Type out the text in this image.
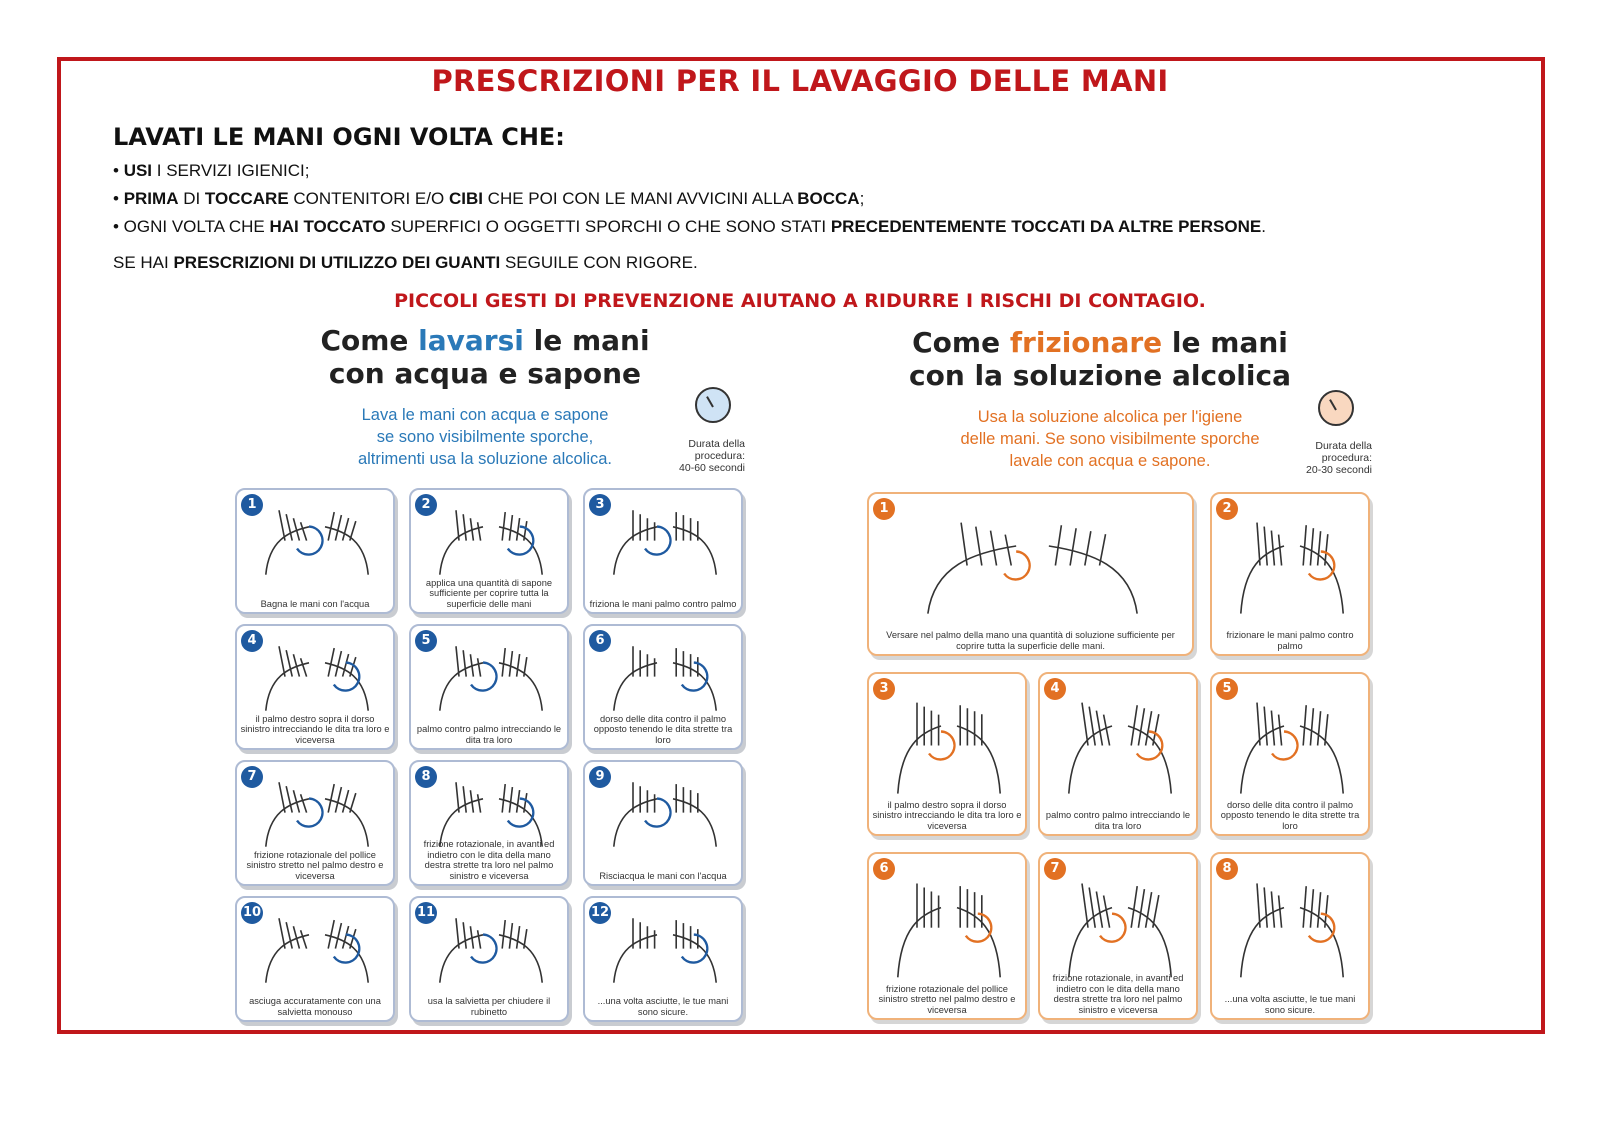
PRESCRIZIONI PER IL LAVAGGIO DELLE MANI
LAVATI LE MANI OGNI VOLTA CHE:
• USI I SERVIZI IGIENICI;
• PRIMA DI TOCCARE CONTENITORI E/O CIBI CHE POI CON LE MANI AVVICINI ALLA BOCCA;
• OGNI VOLTA CHE HAI TOCCATO SUPERFICI O OGGETTI SPORCHI O CHE SONO STATI PRECEDENTEMENTE TOCCATI DA ALTRE PERSONE.
SE HAI PRESCRIZIONI DI UTILIZZO DEI GUANTI SEGUILE CON RIGORE.
PICCOLI GESTI DI PREVENZIONE AIUTANO A RIDURRE I RISCHI DI CONTAGIO.
Come lavarsi le mani
con acqua e sapone
Lava le mani con acqua e sapone
se sono visibilmente sporche,
altrimenti usa la soluzione alcolica.
Durata della
procedura:
40-60 secondi
1
Bagna le mani con l'acqua
2
applica una quantità di sapone sufficiente per coprire tutta la superficie delle mani
3
friziona le mani palmo contro palmo
4
il palmo destro sopra il dorso sinistro intrecciando le dita tra loro e viceversa
5
palmo contro palmo intrecciando le dita tra loro
6
dorso delle dita contro il palmo opposto tenendo le dita strette tra loro
7
frizione rotazionale del pollice sinistro stretto nel palmo destro e viceversa
8
frizione rotazionale, in avanti ed indietro con le dita della mano destra strette tra loro nel palmo sinistro e viceversa
9
Risciacqua le mani con l'acqua
10
asciuga accuratamente con una salvietta monouso
11
usa la salvietta per chiudere il rubinetto
12
...una volta asciutte, le tue mani sono sicure.
Come frizionare le mani
con la soluzione alcolica
Usa la soluzione alcolica per l'igiene
delle mani. Se sono visibilmente sporche
lavale con acqua e sapone.
Durata della
procedura:
20-30 secondi
1
Versare nel palmo della mano una quantità di soluzione sufficiente per coprire tutta la superficie delle mani.
2
frizionare le mani palmo contro palmo
3
il palmo destro sopra il dorso sinistro intrecciando le dita tra loro e viceversa
4
palmo contro palmo intrecciando le dita tra loro
5
dorso delle dita contro il palmo opposto tenendo le dita strette tra loro
6
frizione rotazionale del pollice sinistro stretto nel palmo destro e viceversa
7
frizione rotazionale, in avanti ed indietro con le dita della mano destra strette tra loro nel palmo sinistro e viceversa
8
...una volta asciutte, le tue mani sono sicure.
